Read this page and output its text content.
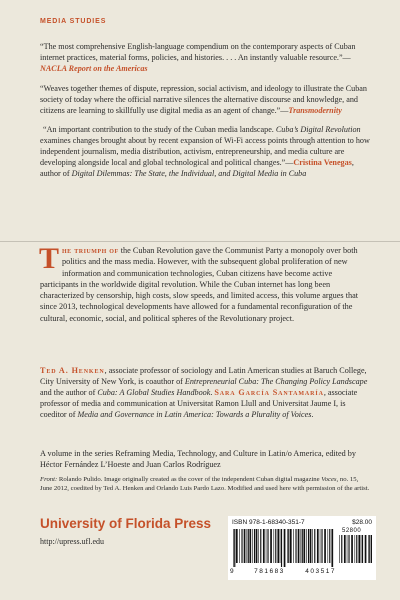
MEDIA STUDIES

“The most comprehensive English-language compendium on the contemporary aspects of Cuban internet practices, material forms, policies, and histories. . . . An instantly valuable resource.”—NACLA Report on the Americas

“Weaves together themes of dispute, repression, social activism, and ideology to illustrate the Cuban society of today where the official narrative silences the alternative discourse and knowledge, and citizens are learning to skillfully use digital media as an agent of change.”—Transmodernity

“An important contribution to the study of the Cuban media landscape. Cuba’s Digital Revolution examines changes brought about by recent expansion of Wi-Fi access points through attention to how independent journalism, media distribution, activism, entrepreneurship, and media culture are developing alongside local and global technological and political changes.”—Cristina Venegas, author of Digital Dilemmas: The State, the Individual, and Digital Media in Cuba

The triumph of the Cuban Revolution gave the Communist Party a monopoly over both politics and the mass media. However, with the subsequent global proliferation of new information and communication technologies, Cuban citizens have become active participants in the worldwide digital revolution. While the Cuban internet has long been characterized by censorship, high costs, slow speeds, and limited access, this volume argues that since 2013, technological developments have allowed for a fundamental reconfiguration of the cultural, economic, social, and political spheres of the Revolutionary project.
Ted A. Henken, associate professor of sociology and Latin American studies at Baruch College, City University of New York, is coauthor of Entrepreneurial Cuba: The Changing Policy Landscape and the author of Cuba: A Global Studies Handbook. Sara García Santamaría, associate professor of media and communication at Universitat Ramon Llull and Universitat Jaume I, is coeditor of Media and Governance in Latin America: Towards a Plurality of Voices.
A volume in the series Reframing Media, Technology, and Culture in Latin/o America, edited by Héctor Fernández L’Hoeste and Juan Carlos Rodríguez
Front: Rolando Pulido. Image originally created as the cover of the independent Cuban digital magazine Voces, no. 15, June 2012, coedited by Ted A. Henken and Orlando Luis Pardo Lazo. Modified and used here with permission of the artist.
University of Florida Press
http://upress.ufl.edu
ISBN 978-1-68340-351-7	$28.00
52800
9	781683	403517
